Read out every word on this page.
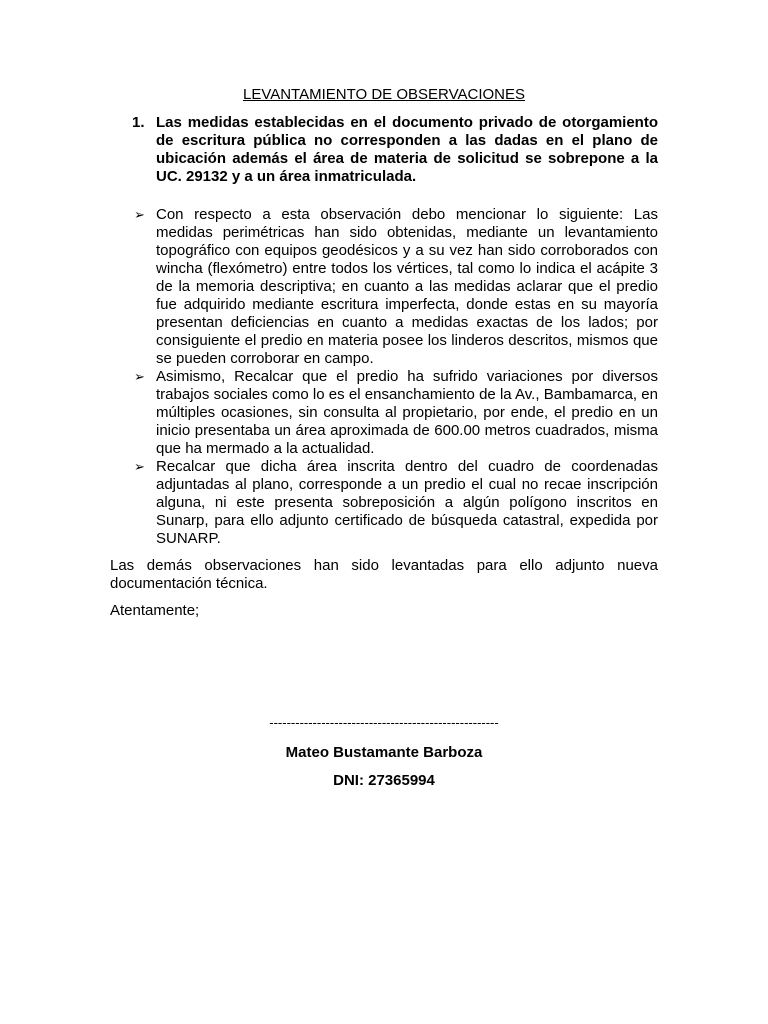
LEVANTAMIENTO DE OBSERVACIONES
1. Las medidas establecidas en el documento privado de otorgamiento de escritura pública no corresponden a las dadas en el plano de ubicación además el área de materia de solicitud se sobrepone a la UC. 29132 y a un área inmatriculada.
➢ Con respecto a esta observación debo mencionar lo siguiente: Las medidas perimétricas han sido obtenidas, mediante un levantamiento topográfico con equipos geodésicos y a su vez han sido corroborados con wincha (flexómetro) entre todos los vértices, tal como lo indica el acápite 3 de la memoria descriptiva; en cuanto a las medidas aclarar que el predio fue adquirido mediante escritura imperfecta, donde estas en su mayoría presentan deficiencias en cuanto a medidas exactas de los lados; por consiguiente el predio en materia posee los linderos descritos, mismos que se pueden corroborar en campo.
➢ Asimismo, Recalcar que el predio ha sufrido variaciones por diversos trabajos sociales como lo es el ensanchamiento de la Av., Bambamarca, en múltiples ocasiones, sin consulta al propietario, por ende, el predio en un inicio presentaba un área aproximada de 600.00 metros cuadrados, misma que ha mermado a la actualidad.
➢ Recalcar que dicha área inscrita dentro del cuadro de coordenadas adjuntadas al plano, corresponde a un predio el cual no recae inscripción alguna, ni este presenta sobreposición a algún polígono inscritos en Sunarp, para ello adjunto certificado de búsqueda catastral, expedida por SUNARP.
Las demás observaciones han sido levantadas para ello adjunto nueva documentación técnica.
Atentamente;
-----------------------------------------------------
Mateo Bustamante Barboza
DNI: 27365994
